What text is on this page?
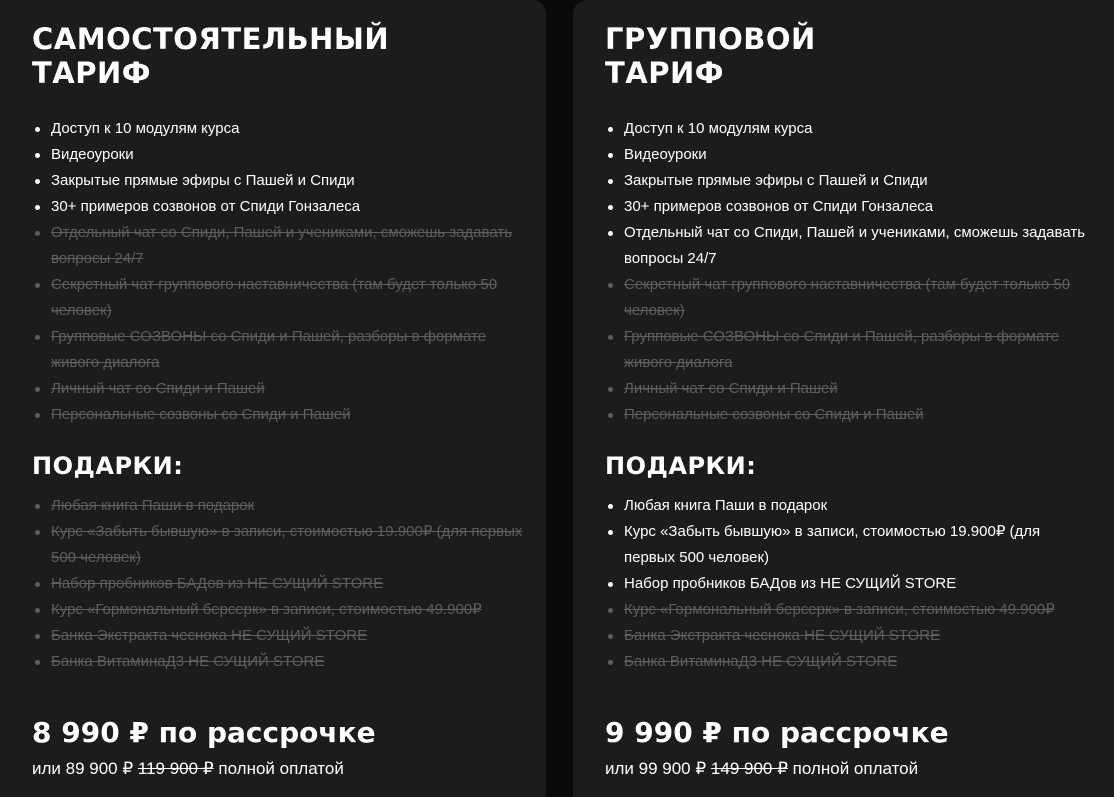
САМОСТОЯТЕЛЬНЫЙ
ТАРИФ
Доступ к 10 модулям курса
Видеоуроки
Закрытые прямые эфиры с Пашей и Спиди
30+ примеров созвонов от Спиди Гонзалеса
Отдельный чат со Спиди, Пашей и учениками, сможешь задавать вопросы 24/7
Секретный чат группового наставничества (там будет только 50 человек)
Групповые СОЗВОНЫ со Спиди и Пашей, разборы в формате живого диалога
Личный чат со Спиди и Пашей
Персональные созвоны со Спиди и Пашей
ПОДАРКИ:
Любая книга Паши в подарок
Курс «Забыть бывшую» в записи, стоимостью 19.900₽ (для первых 500 человек)
Набор пробников БАДов из НЕ СУЩИЙ STORE
Курс «Гормональный берсерк» в записи, стоимостью 49.900₽
Банка Экстракта чеснока НЕ СУЩИЙ STORE
Банка ВитаминаД3 НЕ СУЩИЙ STORE

8 990 ₽ по рассрочке

или 89 900 ₽ 119 900 ₽ полной оплатой

ГРУППОВОЙ
ТАРИФ
Доступ к 10 модулям курса
Видеоуроки
Закрытые прямые эфиры с Пашей и Спиди
30+ примеров созвонов от Спиди Гонзалеса
Отдельный чат со Спиди, Пашей и учениками, сможешь задавать вопросы 24/7
Секретный чат группового наставничества (там будет только 50 человек)
Групповые СОЗВОНЫ со Спиди и Пашей, разборы в формате живого диалога
Личный чат со Спиди и Пашей
Персональные созвоны со Спиди и Пашей
ПОДАРКИ:
Любая книга Паши в подарок
Курс «Забыть бывшую» в записи, стоимостью 19.900₽ (для первых 500 человек)
Набор пробников БАДов из НЕ СУЩИЙ STORE
Курс «Гормональный берсерк» в записи, стоимостью 49.900₽
Банка Экстракта чеснока НЕ СУЩИЙ STORE
Банка ВитаминаД3 НЕ СУЩИЙ STORE

9 990 ₽ по рассрочке

или 99 900 ₽ 149 900 ₽ полной оплатой
